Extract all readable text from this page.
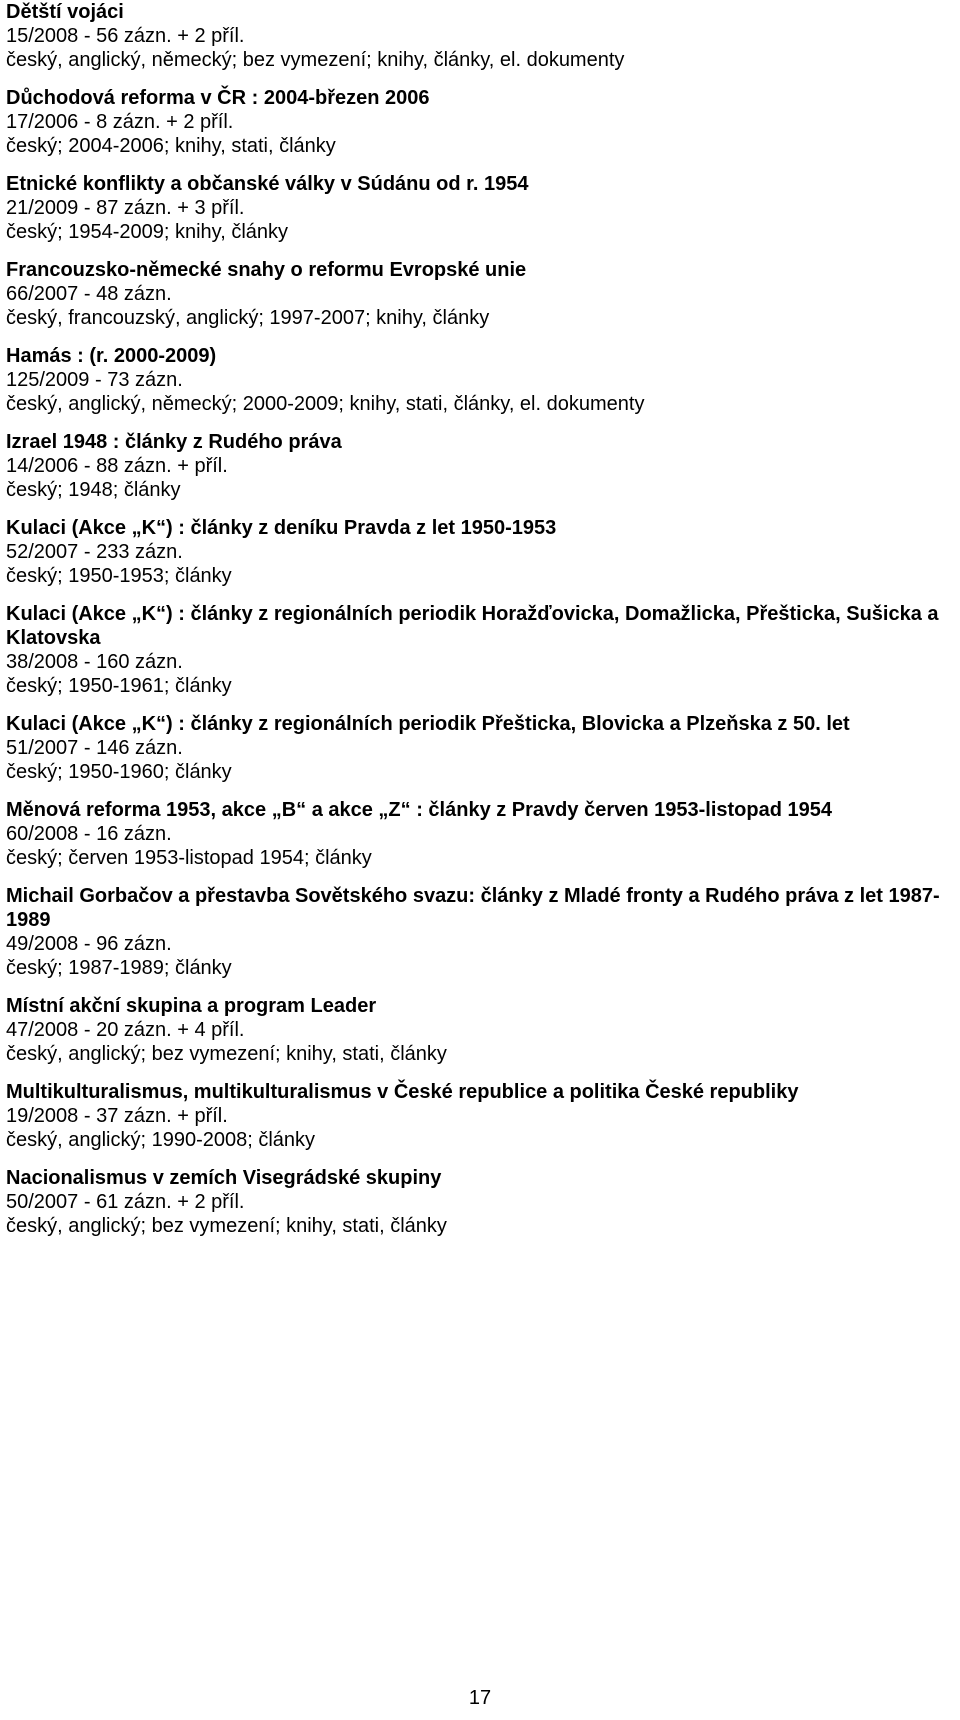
Dětští vojáci
15/2008 - 56 zázn. + 2 příl.
český, anglický, německý; bez vymezení; knihy, články, el. dokumenty
Důchodová reforma v ČR : 2004-březen 2006
17/2006 - 8 zázn. + 2 příl.
český; 2004-2006; knihy, stati, články
Etnické konflikty a občanské války v Súdánu od r. 1954
21/2009 - 87 zázn. + 3 příl.
český; 1954-2009; knihy, články
Francouzsko-německé snahy o reformu Evropské unie
66/2007 - 48 zázn.
český, francouzský, anglický; 1997-2007; knihy, články
Hamás : (r. 2000-2009)
125/2009 - 73 zázn.
český, anglický, německý; 2000-2009; knihy, stati, články, el. dokumenty
Izrael 1948 : články z Rudého práva
14/2006 - 88 zázn. + příl.
český; 1948; články
Kulaci (Akce „K“) : články z deníku Pravda z let 1950-1953
52/2007 - 233 zázn.
český; 1950-1953; články
Kulaci (Akce „K“) : články z regionálních periodik Horažďovicka, Domažlicka, Přešticka, Sušicka a Klatovska
38/2008 - 160 zázn.
český; 1950-1961; články
Kulaci (Akce „K“) : články z regionálních periodik Přešticka, Blovicka a Plzeňska z 50. let
51/2007 - 146 zázn.
český; 1950-1960; články
Měnová reforma 1953, akce „B“ a akce „Z“ : články z Pravdy červen 1953-listopad 1954
60/2008 - 16 zázn.
český; červen 1953-listopad 1954; články
Michail Gorbačov a přestavba Sovětského svazu: články z Mladé fronty a Rudého práva z let 1987-1989
49/2008 - 96 zázn.
český; 1987-1989; články
Místní akční skupina a program Leader
47/2008 - 20 zázn. + 4 příl.
český, anglický; bez vymezení; knihy, stati, články
Multikulturalismus, multikulturalismus v České republice a politika České republiky
19/2008 - 37 zázn. + příl.
český, anglický; 1990-2008; články
Nacionalismus v zemích Visegrádské skupiny
50/2007 - 61 zázn. + 2 příl.
český, anglický; bez vymezení; knihy, stati, články
17
